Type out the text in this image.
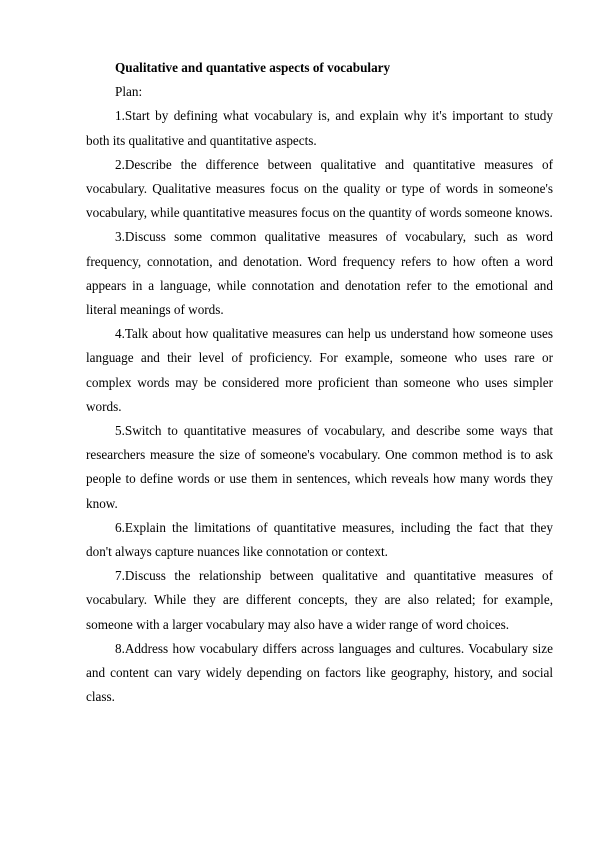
Qualitative and quantative aspects of vocabulary

Plan:

1.Start by defining what vocabulary is, and explain why it's important to study both its qualitative and quantitative aspects.

2.Describe the difference between qualitative and quantitative measures of vocabulary. Qualitative measures focus on the quality or type of words in someone's vocabulary, while quantitative measures focus on the quantity of words someone knows.

3.Discuss some common qualitative measures of vocabulary, such as word frequency, connotation, and denotation. Word frequency refers to how often a word appears in a language, while connotation and denotation refer to the emotional and literal meanings of words.

4.Talk about how qualitative measures can help us understand how someone uses language and their level of proficiency. For example, someone who uses rare or complex words may be considered more proficient than someone who uses simpler words.

5.Switch to quantitative measures of vocabulary, and describe some ways that researchers measure the size of someone's vocabulary. One common method is to ask people to define words or use them in sentences, which reveals how many words they know.

6.Explain the limitations of quantitative measures, including the fact that they don't always capture nuances like connotation or context.

7.Discuss the relationship between qualitative and quantitative measures of vocabulary. While they are different concepts, they are also related; for example, someone with a larger vocabulary may also have a wider range of word choices.

8.Address how vocabulary differs across languages and cultures. Vocabulary size and content can vary widely depending on factors like geography, history, and social class.
